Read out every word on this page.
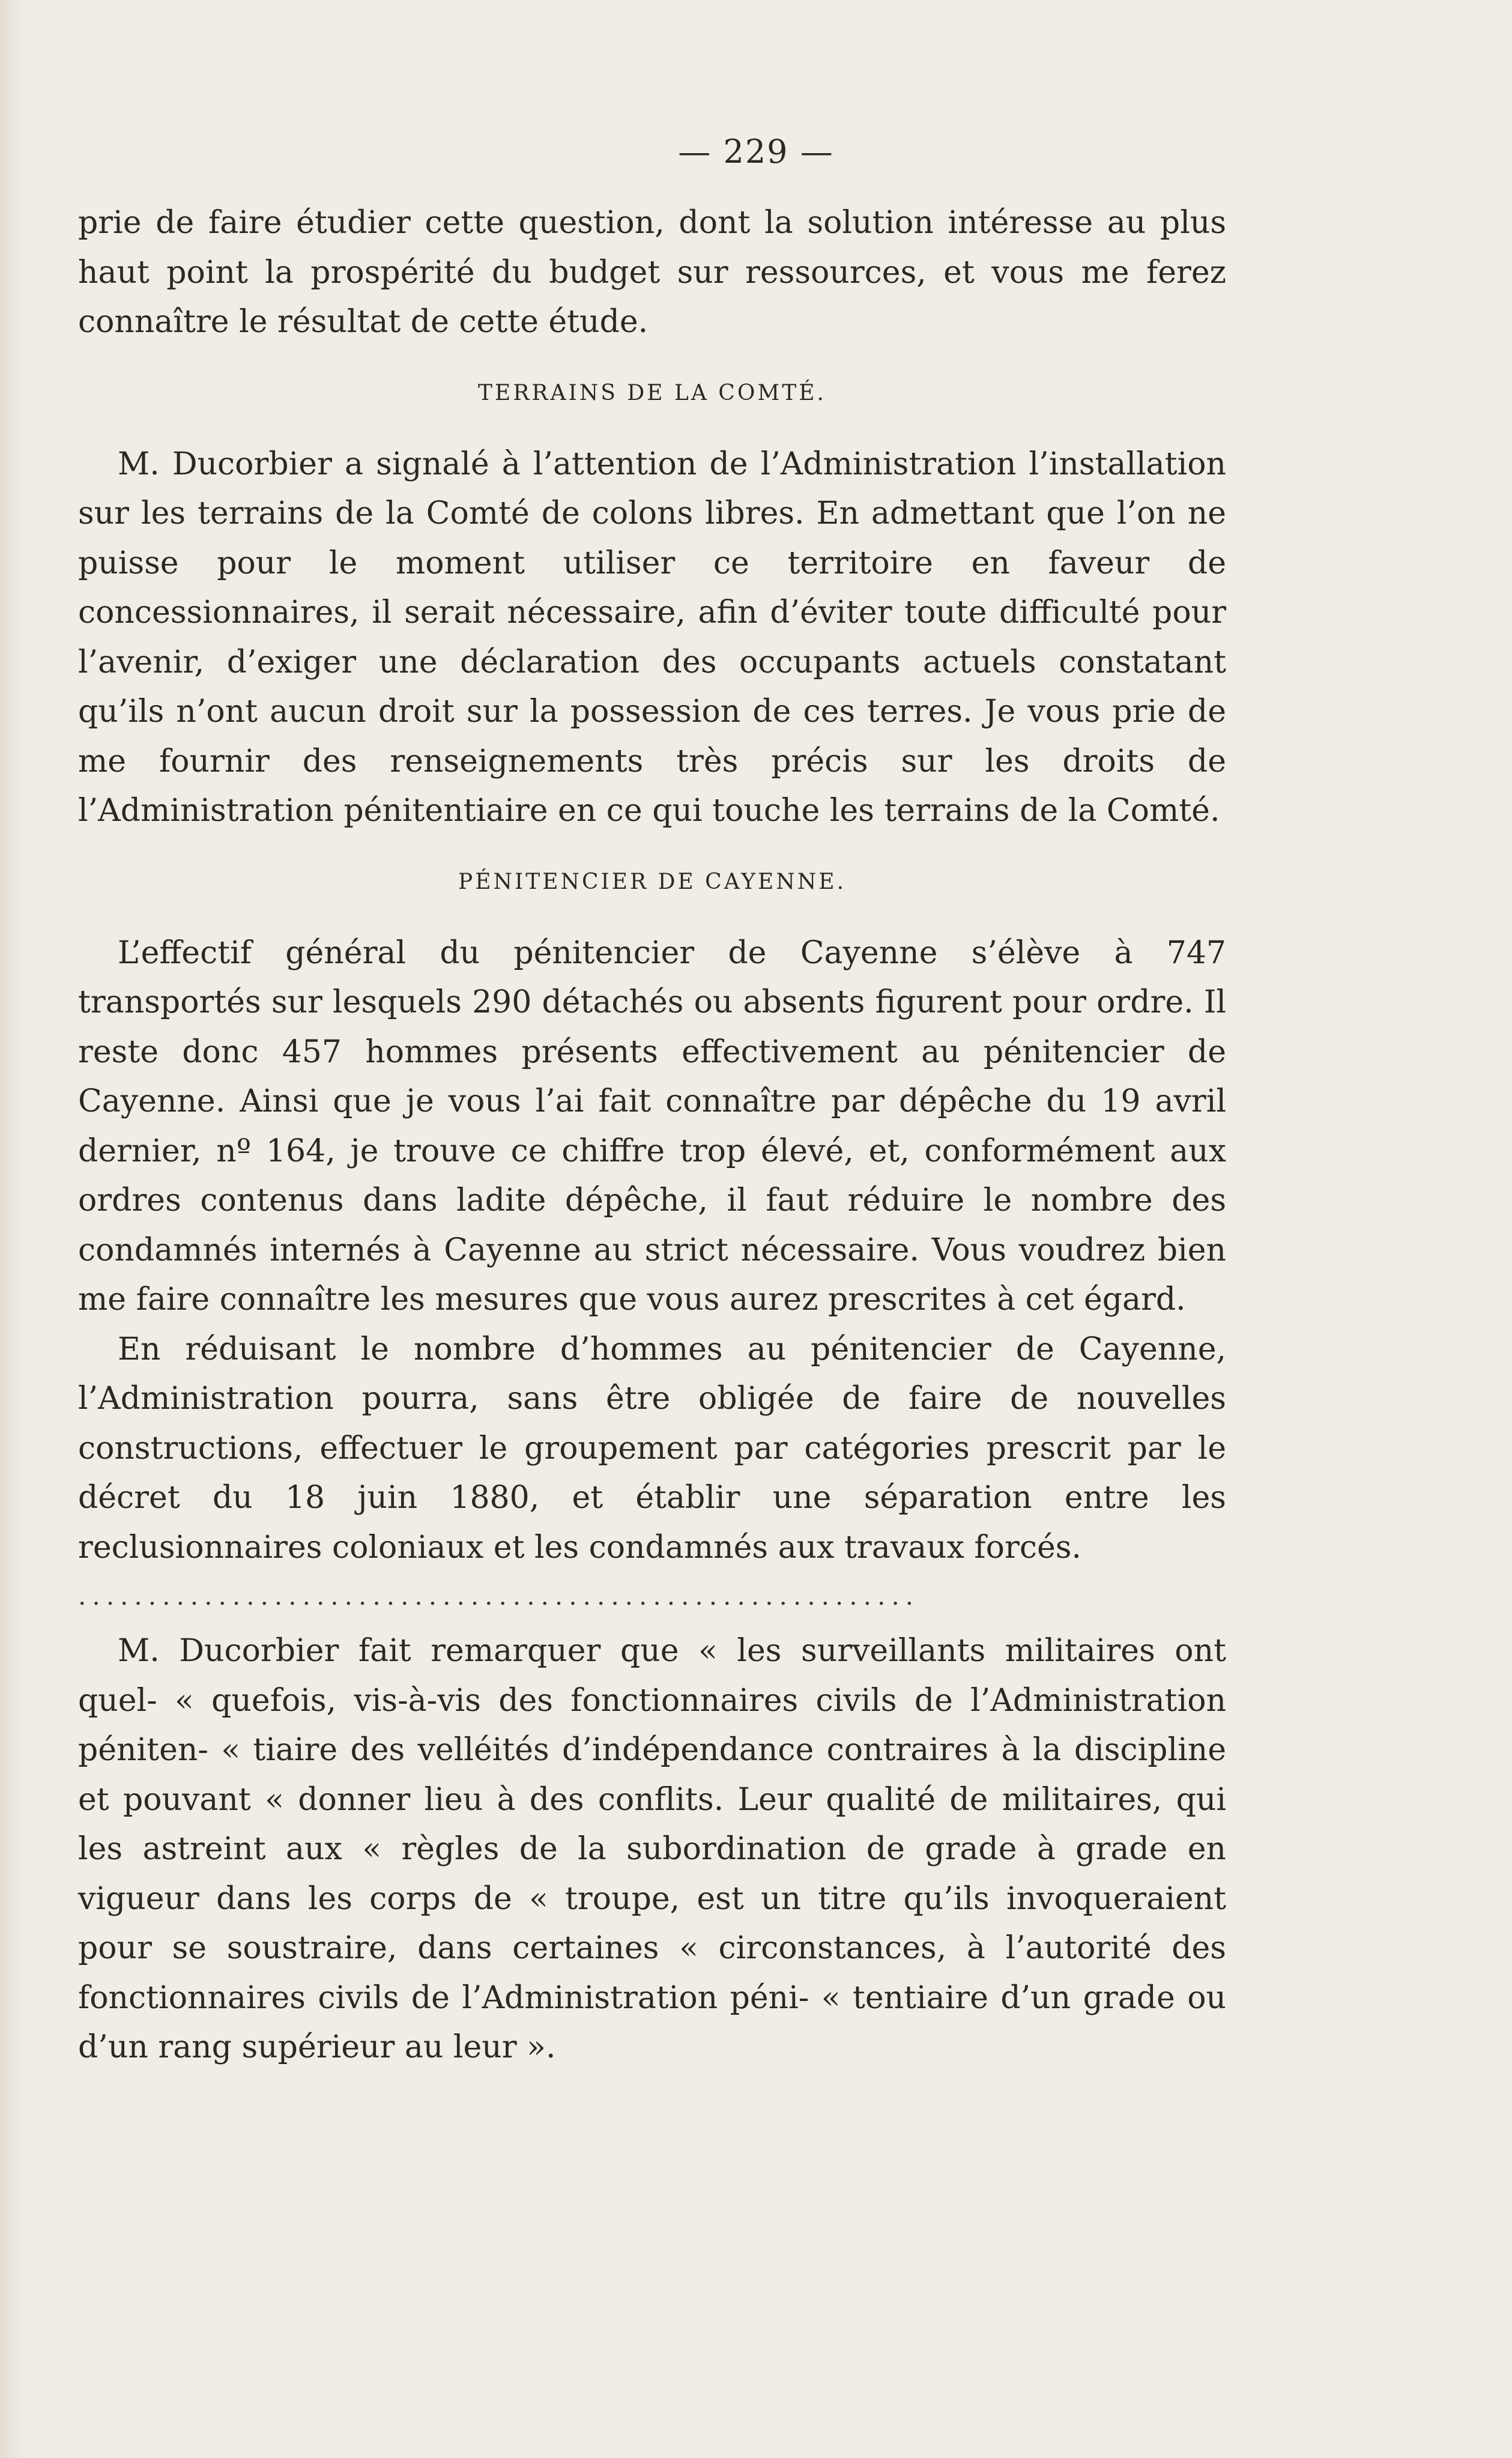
— 229 —

prie de faire étudier cette question, dont la solution intéresse au plus haut point la prospérité du budget sur ressources, et vous me ferez connaître le résultat de cette étude.

TERRAINS DE LA COMTÉ.

M. Ducorbier a signalé à l’attention de l’Administration l’installation sur les terrains de la Comté de colons libres. En admettant que l’on ne puisse pour le moment utiliser ce territoire en faveur de concessionnaires, il serait nécessaire, afin d’éviter toute difficulté pour l’avenir, d’exiger une déclaration des occupants actuels constatant qu’ils n’ont aucun droit sur la possession de ces terres. Je vous prie de me fournir des renseignements très précis sur les droits de l’Administration pénitentiaire en ce qui touche les terrains de la Comté.

PÉNITENCIER DE CAYENNE.

L’effectif général du pénitencier de Cayenne s’élève à 747 transportés sur lesquels 290 détachés ou absents figurent pour ordre. Il reste donc 457 hommes présents effectivement au pénitencier de Cayenne. Ainsi que je vous l’ai fait connaître par dépêche du 19 avril dernier, nº 164, je trouve ce chiffre trop élevé, et, conformément aux ordres contenus dans ladite dépêche, il faut réduire le nombre des condamnés internés à Cayenne au strict nécessaire. Vous voudrez bien me faire connaître les mesures que vous aurez prescrites à cet égard.

En réduisant le nombre d’hommes au pénitencier de Cayenne, l’Administration pourra, sans être obligée de faire de nouvelles constructions, effectuer le groupement par catégories prescrit par le décret du 18 juin 1880, et établir une séparation entre les reclusionnaires coloniaux et les condamnés aux travaux forcés.

............................................................

M. Ducorbier fait remarquer que « les surveillants militaires ont quel- « quefois, vis-à-vis des fonctionnaires civils de l’Administration péniten- « tiaire des velléités d’indépendance contraires à la discipline et pouvant « donner lieu à des conflits. Leur qualité de militaires, qui les astreint aux « règles de la subordination de grade à grade en vigueur dans les corps de « troupe, est un titre qu’ils invoqueraient pour se soustraire, dans certaines « circonstances, à l’autorité des fonctionnaires civils de l’Administration péni- « tentiaire d’un grade ou d’un rang supérieur au leur ».
